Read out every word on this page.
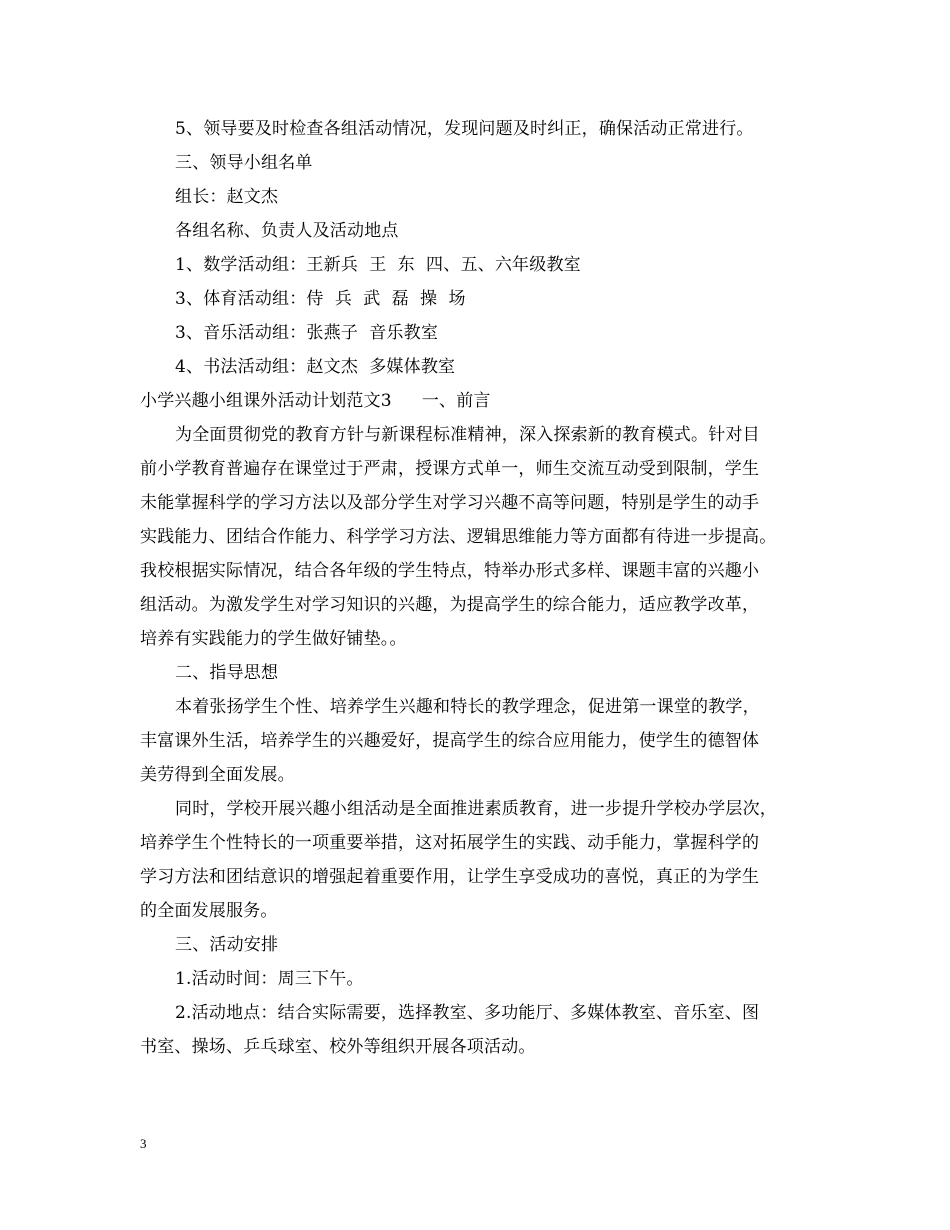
5、领导要及时检查各组活动情况，发现问题及时纠正，确保活动正常进行。
三、领导小组名单
组长：赵文杰
各组名称、负责人及活动地点
1、数学活动组：王新兵  王  东  四、五、六年级教室
3、体育活动组：侍  兵  武  磊  操  场
3、音乐活动组：张燕子  音乐教室
4、书法活动组：赵文杰  多媒体教室
小学兴趣小组课外活动计划范文3 一、前言
为全面贯彻党的教育方针与新课程标准精神，深入探索新的教育模式。针对目
前小学教育普遍存在课堂过于严肃，授课方式单一，师生交流互动受到限制，学生
未能掌握科学的学习方法以及部分学生对学习兴趣不高等问题，特别是学生的动手
实践能力、团结合作能力、科学学习方法、逻辑思维能力等方面都有待进一步提高。
我校根据实际情况，结合各年级的学生特点，特举办形式多样、课题丰富的兴趣小
组活动。为激发学生对学习知识的兴趣，为提高学生的综合能力，适应教学改革，
培养有实践能力的学生做好铺垫。。
二、指导思想
本着张扬学生个性、培养学生兴趣和特长的教学理念，促进第一课堂的教学，
丰富课外生活，培养学生的兴趣爱好，提高学生的综合应用能力，使学生的德智体
美劳得到全面发展。
同时，学校开展兴趣小组活动是全面推进素质教育，进一步提升学校办学层次，
培养学生个性特长的一项重要举措，这对拓展学生的实践、动手能力，掌握科学的
学习方法和团结意识的增强起着重要作用，让学生享受成功的喜悦，真正的为学生
的全面发展服务。
三、活动安排
1.活动时间：周三下午。
2.活动地点：结合实际需要，选择教室、多功能厅、多媒体教室、音乐室、图
书室、操场、乒乓球室、校外等组织开展各项活动。
3
